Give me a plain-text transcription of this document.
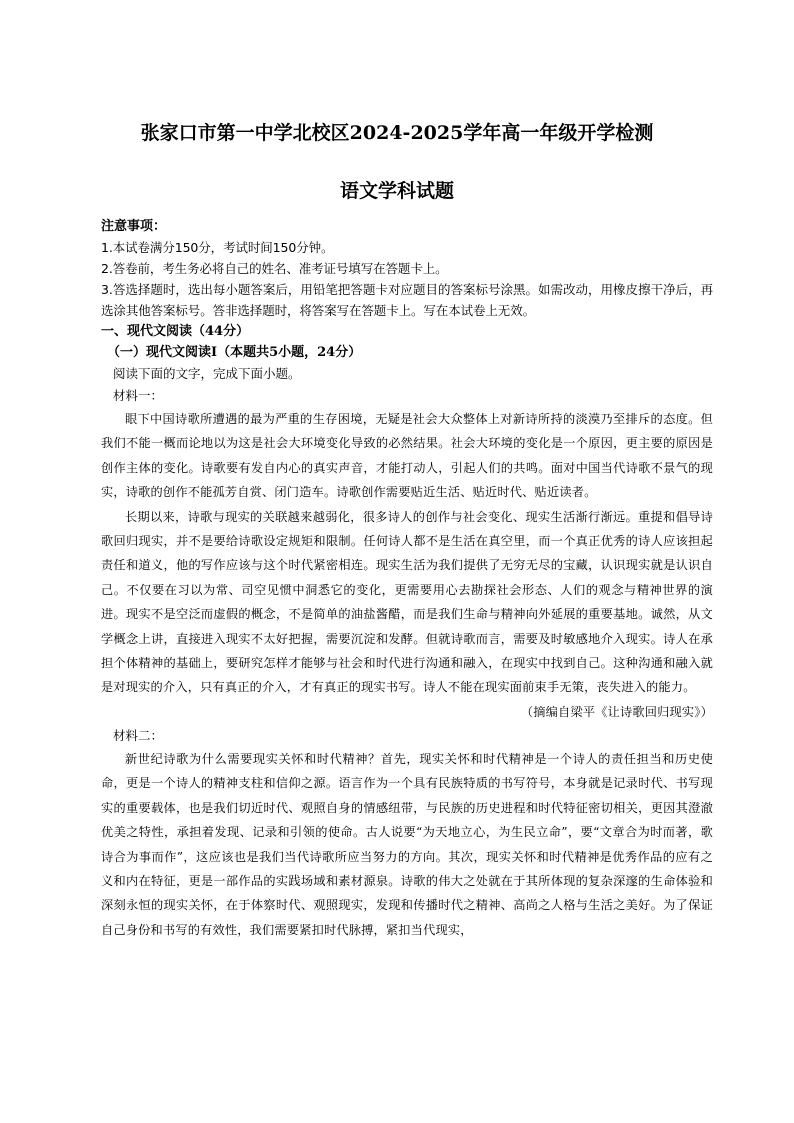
张家口市第一中学北校区2024-2025学年高一年级开学检测
语文学科试题

注意事项：

1.本试卷满分150分，考试时间150分钟。

2.答卷前，考生务必将自己的姓名、准考证号填写在答题卡上。

3.答选择题时，选出每小题答案后，用铅笔把答题卡对应题目的答案标号涂黑。如需改动，用橡皮擦干净后，再选涂其他答案标号。答非选择题时，将答案写在答题卡上。写在本试卷上无效。

一、现代文阅读（44分）

（一）现代文阅读Ⅰ（本题共5小题，24分）

阅读下面的文字，完成下面小题。

材料一：

眼下中国诗歌所遭遇的最为严重的生存困境，无疑是社会大众整体上对新诗所持的淡漠乃至排斥的态度。但我们不能一概而论地以为这是社会大环境变化导致的必然结果。社会大环境的变化是一个原因，更主要的原因是创作主体的变化。诗歌要有发自内心的真实声音，才能打动人，引起人们的共鸣。面对中国当代诗歌不景气的现实，诗歌的创作不能孤芳自赏、闭门造车。诗歌创作需要贴近生活、贴近时代、贴近读者。

长期以来，诗歌与现实的关联越来越弱化，很多诗人的创作与社会变化、现实生活渐行渐远。重提和倡导诗歌回归现实，并不是要给诗歌设定规矩和限制。任何诗人都不是生活在真空里，而一个真正优秀的诗人应该担起责任和道义，他的写作应该与这个时代紧密相连。现实生活为我们提供了无穷无尽的宝藏，认识现实就是认识自己。不仅要在习以为常、司空见惯中洞悉它的变化，更需要用心去勘探社会形态、人们的观念与精神世界的演进。现实不是空泛而虚假的概念，不是简单的油盐酱醋，而是我们生命与精神向外延展的重要基地。诚然，从文学概念上讲，直接进入现实不太好把握，需要沉淀和发酵。但就诗歌而言，需要及时敏感地介入现实。诗人在承担个体精神的基础上，要研究怎样才能够与社会和时代进行沟通和融入，在现实中找到自己。这种沟通和融入就是对现实的介入，只有真正的介入，才有真正的现实书写。诗人不能在现实面前束手无策，丧失进入的能力。

（摘编自梁平《让诗歌回归现实》）

材料二：

新世纪诗歌为什么需要现实关怀和时代精神？首先，现实关怀和时代精神是一个诗人的责任担当和历史使命，更是一个诗人的精神支柱和信仰之源。语言作为一个具有民族特质的书写符号，本身就是记录时代、书写现实的重要载体，也是我们切近时代、观照自身的情感纽带，与民族的历史进程和时代特征密切相关，更因其澄澈优美之特性，承担着发现、记录和引领的使命。古人说要“为天地立心，为生民立命”，要“文章合为时而著，歌诗合为事而作”，这应该也是我们当代诗歌所应当努力的方向。其次，现实关怀和时代精神是优秀作品的应有之义和内在特征，更是一部作品的实践场域和素材源泉。诗歌的伟大之处就在于其所体现的复杂深邃的生命体验和深刻永恒的现实关怀，在于体察时代、观照现实，发现和传播时代之精神、高尚之人格与生活之美好。为了保证自己身份和书写的有效性，我们需要紧扣时代脉搏，紧扣当代现实，
